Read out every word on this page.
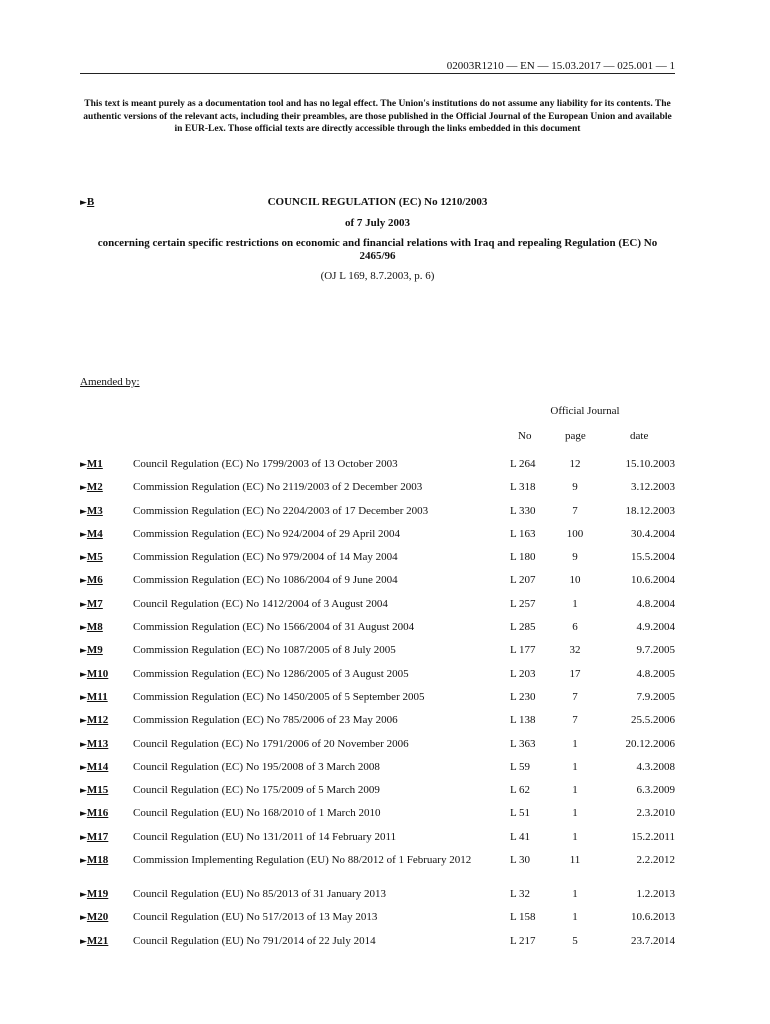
02003R1210 — EN — 15.03.2017 — 025.001 — 1
This text is meant purely as a documentation tool and has no legal effect. The Union's institutions do not assume any liability for its contents. The authentic versions of the relevant acts, including their preambles, are those published in the Official Journal of the European Union and available in EUR-Lex. Those official texts are directly accessible through the links embedded in this document
►B	COUNCIL REGULATION (EC) No 1210/2003
of 7 July 2003
concerning certain specific restrictions on economic and financial relations with Iraq and repealing Regulation (EC) No 2465/96
(OJ L 169, 8.7.2003, p. 6)
Amended by:
Official Journal
No	page	date
►M1	Council Regulation (EC) No 1799/2003 of 13 October 2003	L 264	12	15.10.2003
►M2	Commission Regulation (EC) No 2119/2003 of 2 December 2003	L 318	9	3.12.2003
►M3	Commission Regulation (EC) No 2204/2003 of 17 December 2003	L 330	7	18.12.2003
►M4	Commission Regulation (EC) No 924/2004 of 29 April 2004	L 163	100	30.4.2004
►M5	Commission Regulation (EC) No 979/2004 of 14 May 2004	L 180	9	15.5.2004
►M6	Commission Regulation (EC) No 1086/2004 of 9 June 2004	L 207	10	10.6.2004
►M7	Council Regulation (EC) No 1412/2004 of 3 August 2004	L 257	1	4.8.2004
►M8	Commission Regulation (EC) No 1566/2004 of 31 August 2004	L 285	6	4.9.2004
►M9	Commission Regulation (EC) No 1087/2005 of 8 July 2005	L 177	32	9.7.2005
►M10 Commission Regulation (EC) No 1286/2005 of 3 August 2005	L 203	17	4.8.2005
►M11 Commission Regulation (EC) No 1450/2005 of 5 September 2005	L 230	7	7.9.2005
►M12 Commission Regulation (EC) No 785/2006 of 23 May 2006	L 138	7	25.5.2006
►M13 Council Regulation (EC) No 1791/2006 of 20 November 2006	L 363	1	20.12.2006
►M14 Council Regulation (EC) No 195/2008 of 3 March 2008	L 59	1	4.3.2008
►M15 Council Regulation (EC) No 175/2009 of 5 March 2009	L 62	1	6.3.2009
►M16 Council Regulation (EU) No 168/2010 of 1 March 2010	L 51	1	2.3.2010
►M17 Council Regulation (EU) No 131/2011 of 14 February 2011	L 41	1	15.2.2011
►M18 Commission Implementing Regulation (EU) No 88/2012 of 1 February 2012	L 30	11	2.2.2012
►M19 Council Regulation (EU) No 85/2013 of 31 January 2013	L 32	1	1.2.2013
►M20 Council Regulation (EU) No 517/2013 of 13 May 2013	L 158	1	10.6.2013
►M21 Council Regulation (EU) No 791/2014 of 22 July 2014	L 217	5	23.7.2014
